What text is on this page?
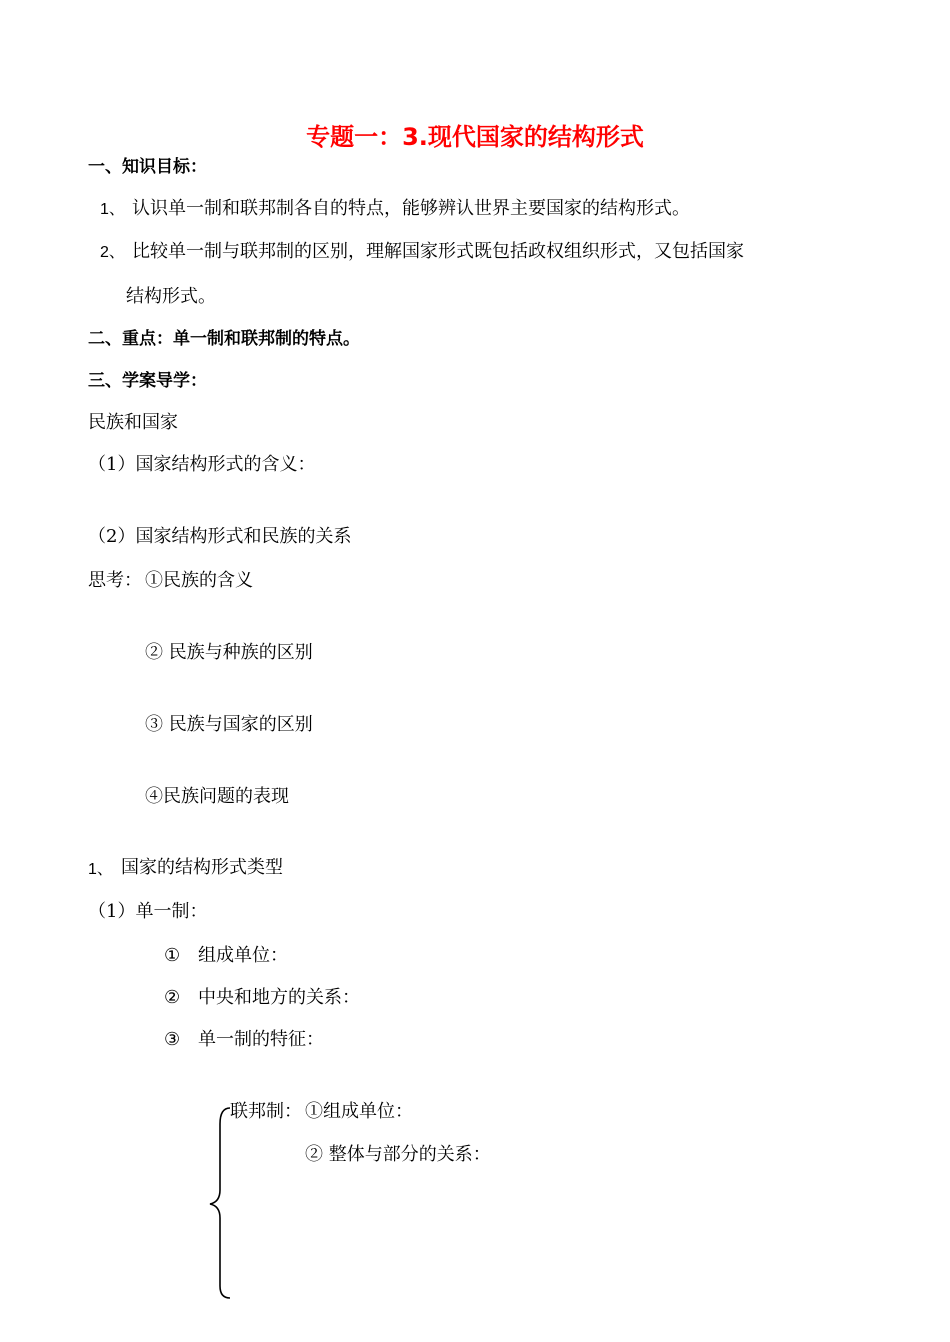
专题一：3.现代国家的结构形式
一、知识目标：
1、 认识单一制和联邦制各自的特点，能够辨认世界主要国家的结构形式。
2、 比较单一制与联邦制的区别，理解国家形式既包括政权组织形式，又包括国家
结构形式。
二、重点：单一制和联邦制的特点。
三、学案导学：
民族和国家
（1）国家结构形式的含义：
（2）国家结构形式和民族的关系
思考： ①民族的含义
② 民族与种族的区别
③ 民族与国家的区别
④民族问题的表现
1、 国家的结构形式类型
（1）单一制：
① 组成单位：
② 中央和地方的关系：
③ 单一制的特征：
联邦制： ①组成单位：
② 整体与部分的关系：
